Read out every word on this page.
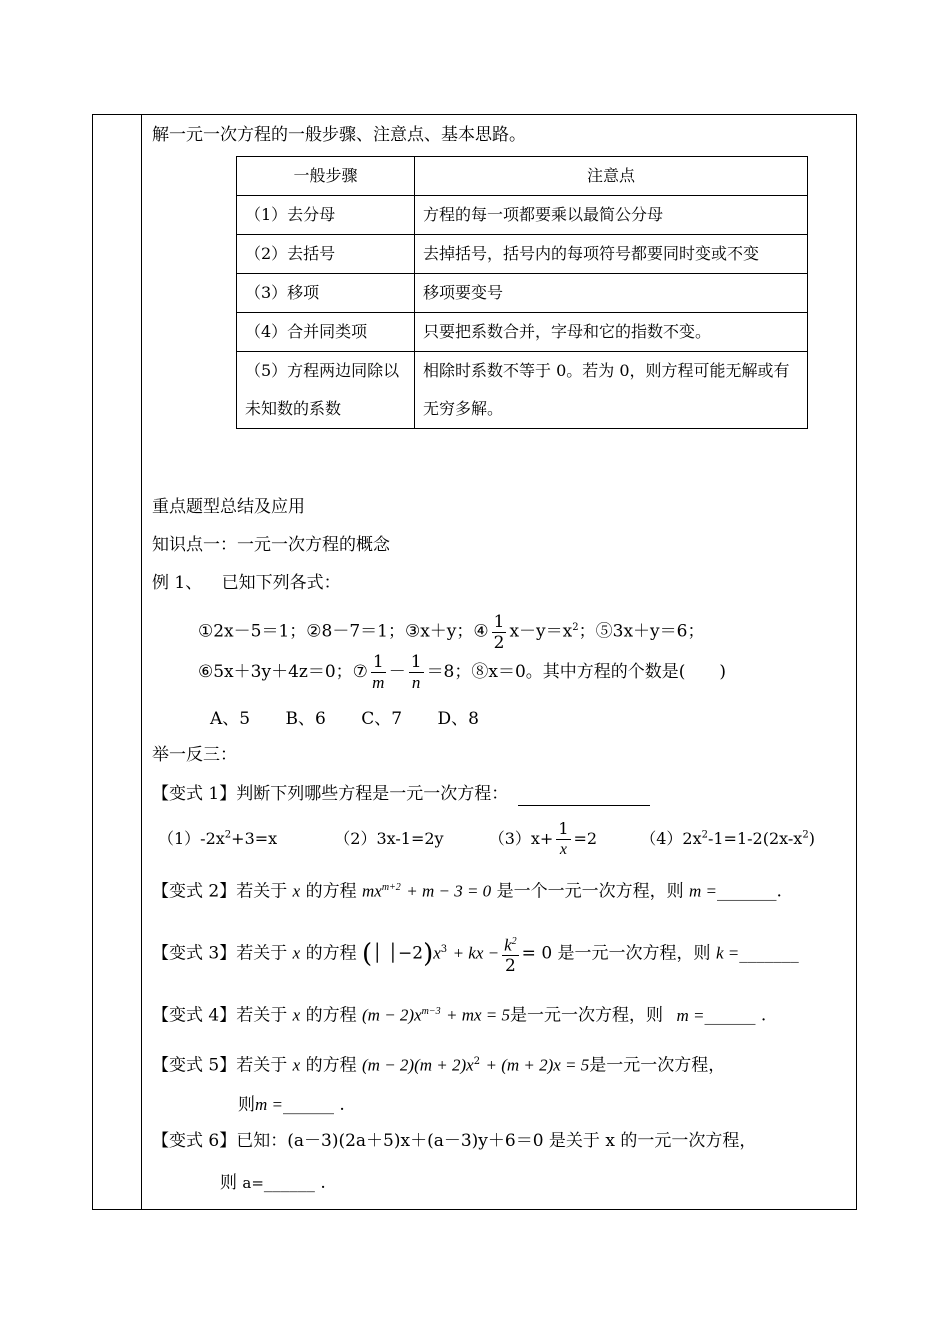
解一元一次方程的一般步骤、注意点、基本思路。
一般步骤	注意点
（1）去分母	方程的每一项都要乘以最简公分母
（2）去括号	去掉括号，括号内的每项符号都要同时变或不变
（3）移项	移项要变号
（4）合并同类项	只要把系数合并，字母和它的指数不变。
（5）方程两边同除以未知数的系数	相除时系数不等于 0。若为 0，则方程可能无解或有无穷多解。
重点题型总结及应用
知识点一：一元一次方程的概念
例 1、 已知下列各式：
①2x－5＝1；②8－7＝1；③x＋y；④ $\frac{1}{2} x-y=x^2$；⑤3x＋y＝6；
⑥5x＋3y＋4z＝0；⑦ $\frac{1}{m} - \frac{1}{n} =8$；⑧x＝0。其中方程的个数是(　　)
A、5 B、6 C、7 D、8
举一反三：
【变式 1】判断下列哪些方程是一元一次方程：
$(1)-2x^2+3=x$	（2）3x-1=2y	$(3)x+ \frac{1}{x} =2$	$(4)2x^2-1=1-2(2x-x^2)$
【变式 2】若关于 x 的方程 $mx^{m+2} + m - 3 = 0$ 是一个一元一次方程，则 m =_______.
【变式 3】若关于 x 的方程 (│ $│-2)x^3$ + kx − $\frac{k^2}{2} = 0$ 是一元一次方程，则 k =_______
【变式 4】若关于 x 的方程 $(m - 2)x^{m-3}$ + mx = 5是一元一次方程，则 m =______ .
【变式 5】若关于 x 的方程 $(m - 2)(m + 2)x^2 + (m + 2)x = 5$是一元一次方程，
则m =______ .
【变式 6】已知：(a－3)(2a＋5)x＋(a－3)y＋6＝0 是关于 x 的一元一次方程，
则 a=______ .
